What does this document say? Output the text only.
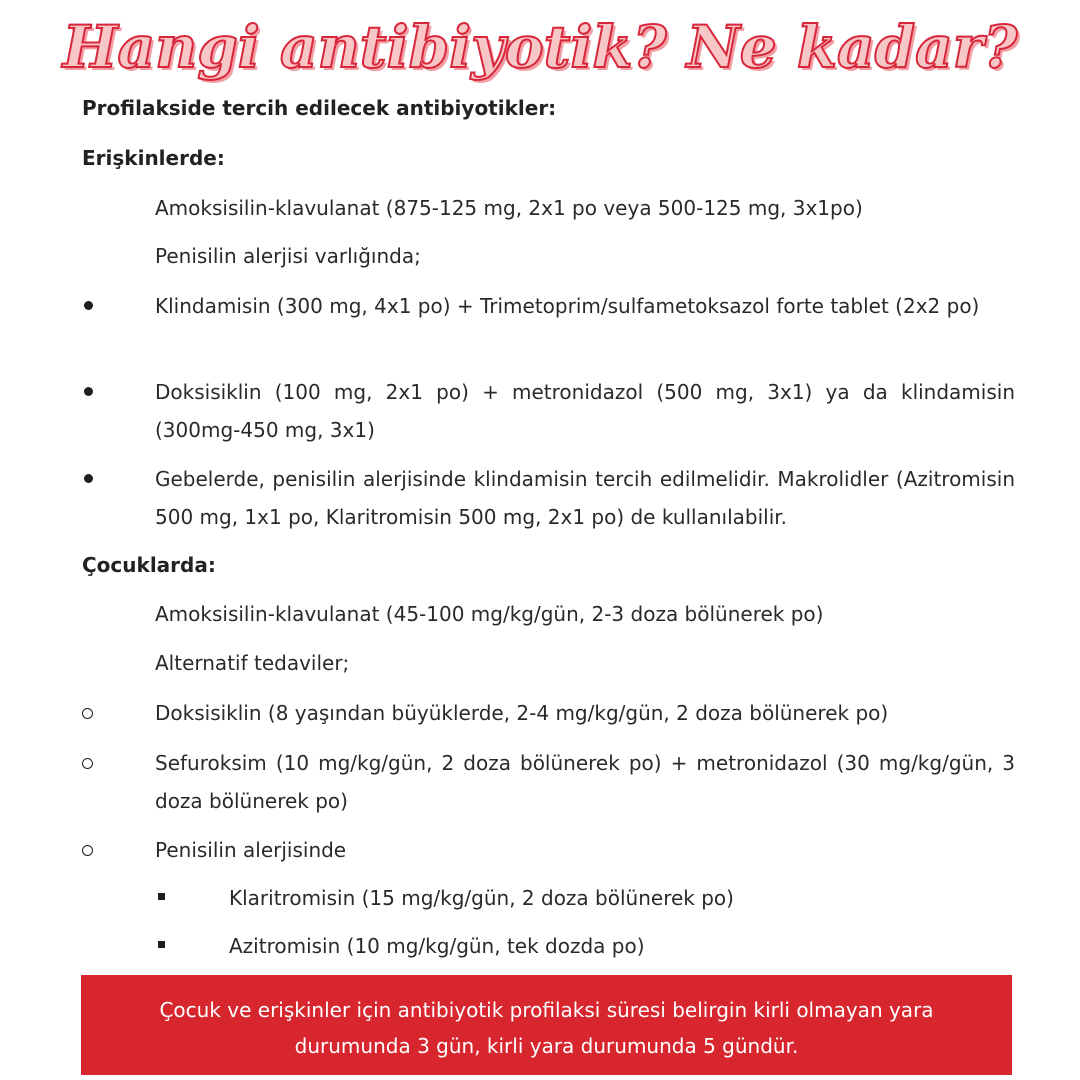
Hangi antibiyotik? Ne kadar?
Profilakside tercih edilecek antibiyotikler:
Erişkinlerde:
Amoksisilin-klavulanat (875-125 mg, 2x1 po veya 500-125 mg, 3x1po)
Penisilin alerjisi varlığında;
Klindamisin (300 mg, 4x1 po) + Trimetoprim/sulfametoksazol forte tablet (2x2 po)
Doksisiklin (100 mg, 2x1 po) + metronidazol (500 mg, 3x1) ya da klindamisin (300mg-450 mg, 3x1)
Gebelerde, penisilin alerjisinde klindamisin tercih edilmelidir. Makrolidler (Azitromisin 500 mg, 1x1 po, Klaritromisin 500 mg, 2x1 po) de kullanılabilir.
Çocuklarda:
Amoksisilin-klavulanat (45-100 mg/kg/gün, 2-3 doza bölünerek po)
Alternatif tedaviler;
Doksisiklin (8 yaşından büyüklerde, 2-4 mg/kg/gün, 2 doza bölünerek po)
Sefuroksim (10 mg/kg/gün, 2 doza bölünerek po) + metronidazol (30 mg/kg/gün, 3 doza bölünerek po)
Penisilin alerjisinde
Klaritromisin (15 mg/kg/gün, 2 doza bölünerek po)
Azitromisin (10 mg/kg/gün, tek dozda po)
Çocuk ve erişkinler için antibiyotik profilaksi süresi belirgin kirli olmayan yara
durumunda 3 gün, kirli yara durumunda 5 gündür.
